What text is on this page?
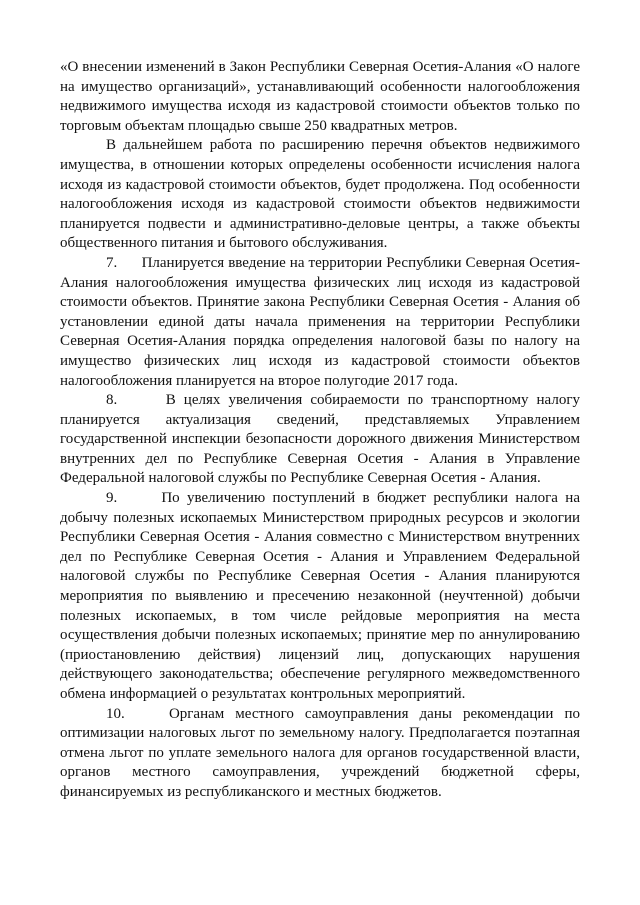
«О внесении изменений в Закон Республики Северная Осетия-Алания «О налоге на имущество организаций», устанавливающий особенности налогообложения недвижимого имущества исходя из кадастровой стоимости объектов только по торговым объектам площадью свыше 250 квадратных метров.

В дальнейшем работа по расширению перечня объектов недвижимого имущества, в отношении которых определены особенности исчисления налога исходя из кадастровой стоимости объектов, будет продолжена. Под особенности налогообложения исходя из кадастровой стоимости объектов недвижимости планируется подвести и административно-деловые центры, а также объекты общественного питания и бытового обслуживания.

7.      Планируется введение на территории Республики Северная Осетия-Алания налогообложения имущества физических лиц исходя из кадастровой стоимости объектов. Принятие закона Республики Северная Осетия - Алания об установлении единой даты начала применения на территории Республики Северная Осетия-Алания порядка определения налоговой базы по налогу на имущество физических лиц исходя из кадастровой стоимости объектов налогообложения планируется на второе полугодие 2017 года.

8.      В целях увеличения собираемости по транспортному налогу планируется актуализация сведений, представляемых Управлением государственной инспекции безопасности дорожного движения Министерством внутренних дел по Республике Северная Осетия - Алания в Управление Федеральной налоговой службы по Республике Северная Осетия - Алания.

9.      По увеличению поступлений в бюджет республики налога на добычу полезных ископаемых Министерством природных ресурсов и экологии Республики Северная Осетия - Алания совместно с Министерством внутренних дел по Республике Северная Осетия - Алания и Управлением Федеральной налоговой службы по Республике Северная Осетия - Алания планируются мероприятия по выявлению и пресечению незаконной (неучтенной) добычи полезных ископаемых, в том числе рейдовые мероприятия на места осуществления добычи полезных ископаемых; принятие мер по аннулированию (приостановлению действия) лицензий лиц, допускающих нарушения действующего законодательства; обеспечение регулярного межведомственного обмена информацией о результатах контрольных мероприятий.

10.    Органам местного самоуправления даны рекомендации по оптимизации налоговых льгот по земельному налогу. Предполагается поэтапная отмена льгот по уплате земельного налога для органов государственной власти, органов местного самоуправления, учреждений бюджетной сферы, финансируемых из республиканского и местных бюджетов.
